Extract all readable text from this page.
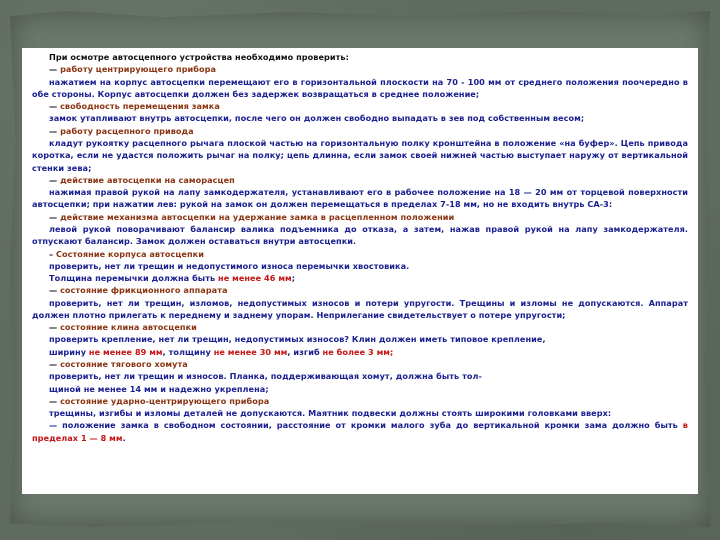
При осмотре автосцепного устройства необходимо проверить:

— работу центрирующего прибора

нажатием на корпус автосцепки перемещают его в горизонтальной плоскости на 70 - 100 мм от среднего положения поочередно в обе стороны. Корпус автосцепки должен без задержек возвращаться в среднее положение;

— свободность перемещения замка

замок утапливают внутрь автосцепки, после чего он должен свободно выпадать в зев под собственным весом;

— работу расцепного привода

кладут рукоятку расцепного рычага плоской частью на горизонтальную полку кронштейна в положение «на буфер». Цепь привода коротка, если не удастся положить рычаг на полку; цепь длинна, если замок своей нижней частью выступает наружу от вертикальной стенки зева;

— действие автосцепки на саморасцеп

нажимая правой рукой на лапу замкодержателя, устанавливают его в рабочее положение на 18 — 20 мм от торцевой поверхности автосцепки; при нажатии лев: рукой на замок он должен перемещаться в пределах 7-18 мм, но не входить внутрь СА-3:

— действие механизма автосцепки на удержание замка в расцепленном положении

левой рукой поворачивают балансир валика подъемника до отказа, а затем, нажав правой рукой на лапу замкодержателя. отпускают балансир. Замок должен оставаться внутри автосцепки.

– Состояние корпуса автосцепки

проверить, нет ли трещин и недопустимого износа перемычки хвостовика.

Толщина перемычки должна быть не менее 46 мм;

— состояние фрикционного аппарата

проверить, нет ли трещин, изломов, недопустимых износов и потери упругости. Трещины и изломы не допускаются. Аппарат должен плотно прилегать к переднему и заднему упорам. Неприлегание свидетельствует о потере упругости;

— состояние клина автосцепки

проверить крепление, нет ли трещин, недопустимых износов? Клин должен иметь типовое крепление,

ширину не менее 89 мм, толщину не менее 30 мм, изгиб не более 3 мм;

— состояние тягового хомута

проверить, нет ли трещин и износов. Планка, поддерживающая хомут, должна быть тол-

щиной не менее 14 мм и надежно укреплена;

— состояние ударно-центрирующего прибора

трещины, изгибы и изломы деталей не допускаются. Маятник подвески должны стоять широкими головками вверх:

— положение замка в свободном состоянии, расстояние от кромки малого зуба до вертикальной кромки зама должно быть в пределах 1 — 8 мм.
